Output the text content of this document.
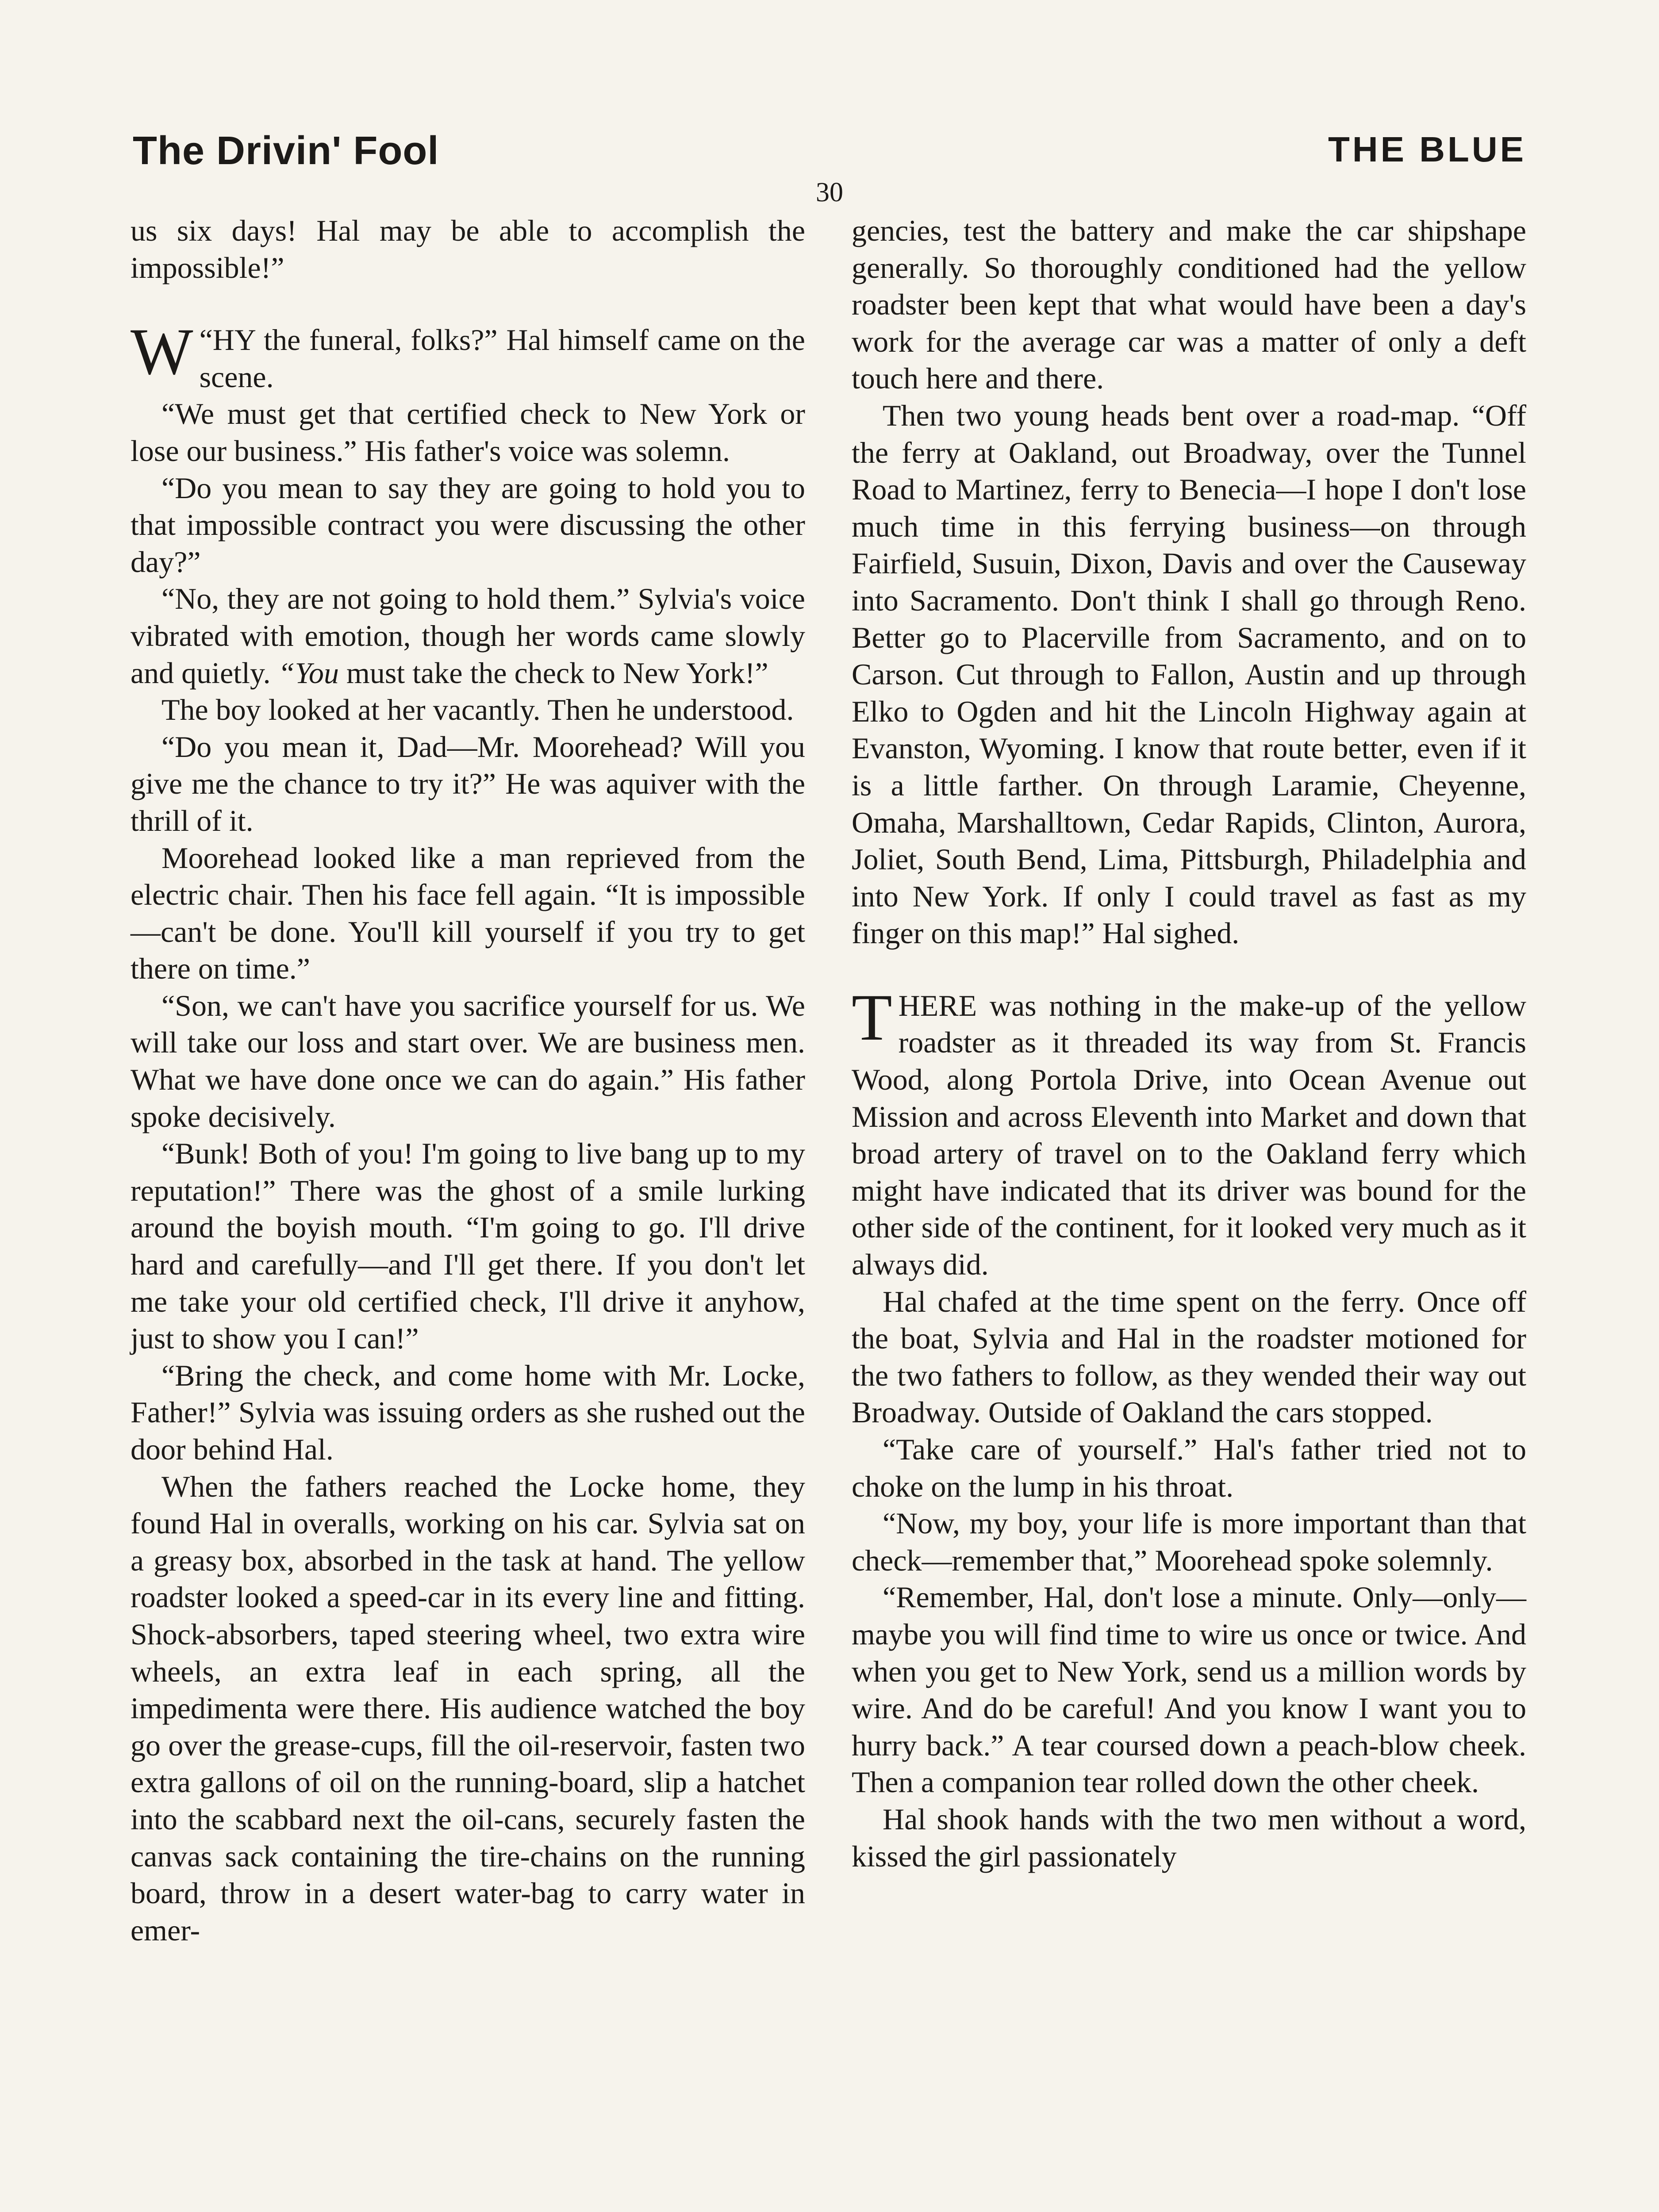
The Drivin' Fool	THE BLUE
30

us six days! Hal may be able to accomplish the impossible!”

“
W HY the funeral, folks?” Hal himself came on the scene.

“We must get that certified check to New York or lose our business.” His father's voice was solemn.

“Do you mean to say they are going to hold you to that impossible contract you were discussing the other day?”

“No, they are not going to hold them.” Sylvia's voice vibrated with emotion, though her words came slowly and quietly. “You must take the check to New York!”

The boy looked at her vacantly. Then he understood.

“Do you mean it, Dad—Mr. Moorehead? Will you give me the chance to try it?” He was aquiver with the thrill of it.

Moorehead looked like a man reprieved from the electric chair. Then his face fell again. “It is impossible—can't be done. You'll kill yourself if you try to get there on time.”

“Son, we can't have you sacrifice yourself for us. We will take our loss and start over. We are business men. What we have done once we can do again.” His father spoke decisively.

“Bunk! Both of you! I'm going to live bang up to my reputation!” There was the ghost of a smile lurking around the boyish mouth. “I'm going to go. I'll drive hard and carefully—and I'll get there. If you don't let me take your old certified check, I'll drive it anyhow, just to show you I can!”

“Bring the check, and come home with Mr. Locke, Father!” Sylvia was issuing orders as she rushed out the door behind Hal.

When the fathers reached the Locke home, they found Hal in overalls, working on his car. Sylvia sat on a greasy box, absorbed in the task at hand. The yellow roadster looked a speed-car in its every line and fitting. Shock-absorbers, taped steering wheel, two extra wire wheels, an extra leaf in each spring, all the impedimenta were there. His audience watched the boy go over the grease-cups, fill the oil-reservoir, fasten two extra gallons of oil on the running-board, slip a hatchet into the scabbard next the oil-cans, securely fasten the canvas sack containing the tire-chains on the running board, throw in a desert water-bag to carry water in emer-

gencies, test the battery and make the car shipshape generally. So thoroughly conditioned had the yellow roadster been kept that what would have been a day's work for the average car was a matter of only a deft touch here and there.

Then two young heads bent over a road-map. “Off the ferry at Oakland, out Broadway, over the Tunnel Road to Martinez, ferry to Benecia—I hope I don't lose much time in this ferrying business—on through Fairfield, Susuin, Dixon, Davis and over the Causeway into Sacramento. Don't think I shall go through Reno. Better go to Placerville from Sacramento, and on to Carson. Cut through to Fallon, Austin and up through Elko to Ogden and hit the Lincoln Highway again at Evanston, Wyoming. I know that route better, even if it is a little farther. On through Laramie, Cheyenne, Omaha, Marshalltown, Cedar Rapids, Clinton, Aurora, Joliet, South Bend, Lima, Pittsburgh, Philadelphia and into New York. If only I could travel as fast as my finger on this map!” Hal sighed.

THERE was nothing in the make-up of the yellow roadster as it threaded its way from St. Francis Wood, along Portola Drive, into Ocean Avenue out Mission and across Eleventh into Market and down that broad artery of travel on to the Oakland ferry which might have indicated that its driver was bound for the other side of the continent, for it looked very much as it always did.

Hal chafed at the time spent on the ferry. Once off the boat, Sylvia and Hal in the roadster motioned for the two fathers to follow, as they wended their way out Broadway. Outside of Oakland the cars stopped.

“Take care of yourself.” Hal's father tried not to choke on the lump in his throat.

“Now, my boy, your life is more important than that check—remember that,” Moorehead spoke solemnly.

“Remember, Hal, don't lose a minute. Only—only—maybe you will find time to wire us once or twice. And when you get to New York, send us a million words by wire. And do be careful! And you know I want you to hurry back.” A tear coursed down a peach-blow cheek. Then a companion tear rolled down the other cheek.

Hal shook hands with the two men without a word, kissed the girl passionately
